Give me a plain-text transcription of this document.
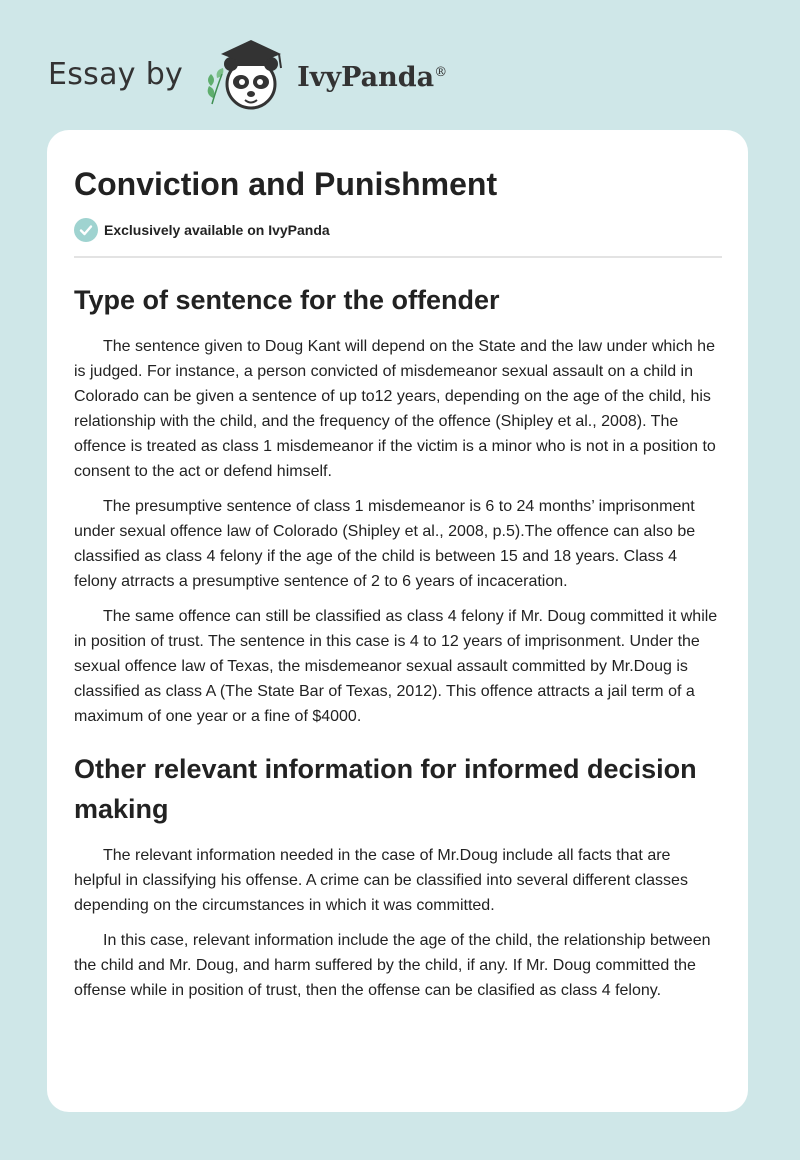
Essay by	IvyPanda®
Conviction and Punishment
Exclusively available on IvyPanda
Type of sentence for the offender

The sentence given to Doug Kant will depend on the State and the law under which he is judged. For instance, a person convicted of misdemeanor sexual assault on a child in Colorado can be given a sentence of up to12 years, depending on the age of the child, his relationship with the child, and the frequency of the offence (Shipley et al., 2008). The offence is treated as class 1 misdemeanor if the victim is a minor who is not in a position to consent to the act or defend himself.

The presumptive sentence of class 1 misdemeanor is 6 to 24 months’ imprisonment under sexual offence law of Colorado (Shipley et al., 2008, p.5).The offence can also be classified as class 4 felony if the age of the child is between 15 and 18 years. Class 4 felony atrracts a presumptive sentence of 2 to 6 years of incaceration.

The same offence can still be classified as class 4 felony if Mr. Doug committed it while in position of trust. The sentence in this case is 4 to 12 years of imprisonment. Under the sexual offence law of Texas, the misdemeanor sexual assault committed by Mr.Doug is classified as class A (The State Bar of Texas, 2012). This offence attracts a jail term of a maximum of one year or a fine of $4000.

Other relevant information for informed decision making

The relevant information needed in the case of Mr.Doug include all facts that are helpful in classifying his offense. A crime can be classified into several different classes depending on the circumstances in which it was committed.

In this case, relevant information include the age of the child, the relationship between the child and Mr. Doug, and harm suffered by the child, if any. If Mr. Doug committed the offense while in position of trust, then the offense can be clasified as class 4 felony.
